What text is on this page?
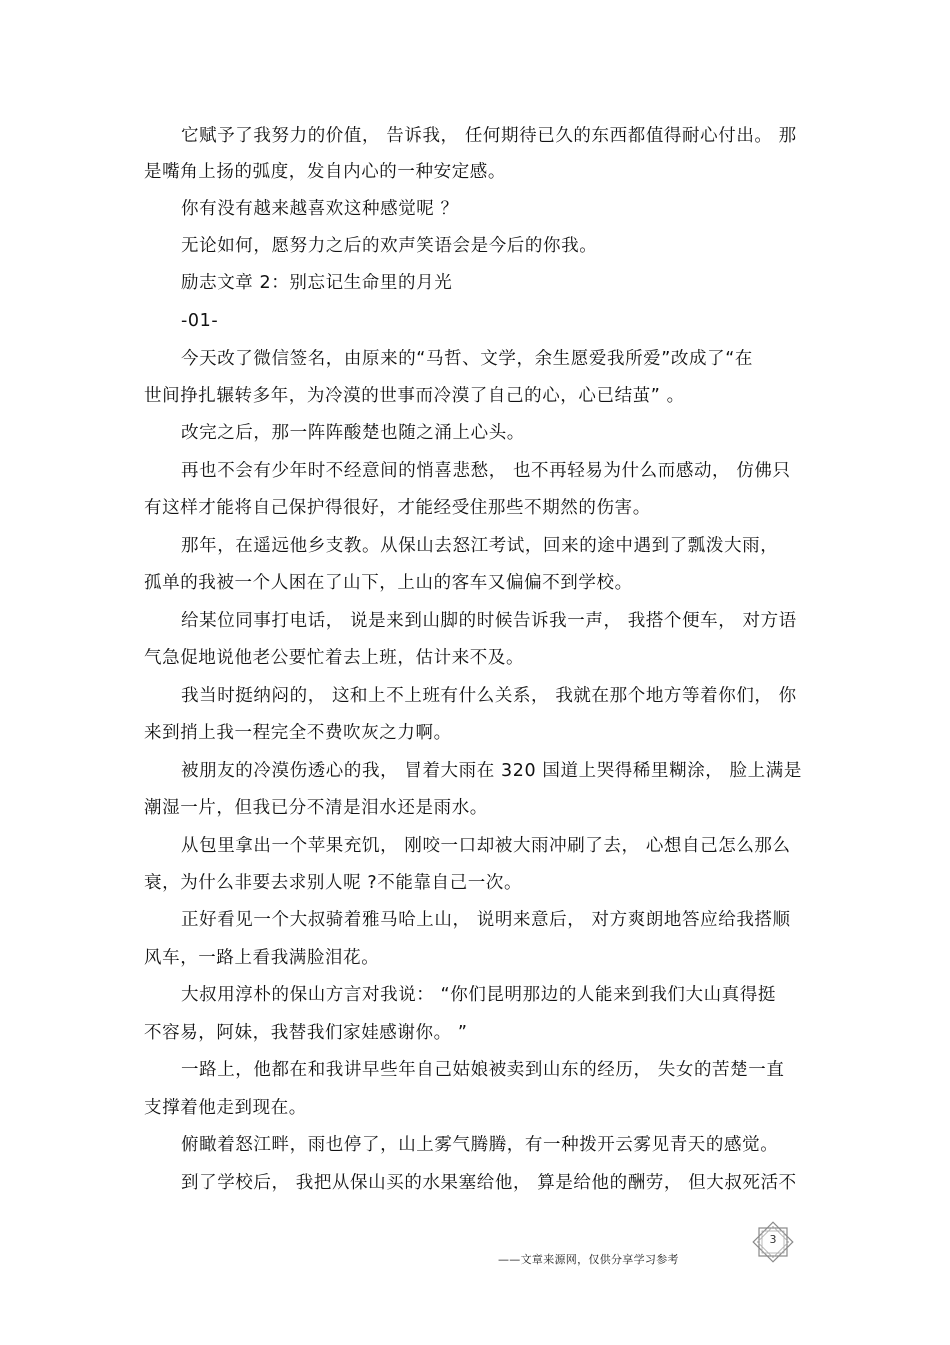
它赋予了我努力的价值， 告诉我， 任何期待已久的东西都值得耐心付出。 那
是嘴角上扬的弧度，发自内心的一种安定感。
你有没有越来越喜欢这种感觉呢 ？
无论如何，愿努力之后的欢声笑语会是今后的你我。
励志文章 2：别忘记生命里的月光
-01-
今天改了微信签名，由原来的“马哲、文学，余生愿爱我所爱”改成了“在
世间挣扎辗转多年，为冷漠的世事而冷漠了自己的心，心已结茧” 。
改完之后，那一阵阵酸楚也随之涌上心头。
再也不会有少年时不经意间的悄喜悲愁， 也不再轻易为什么而感动， 仿佛只
有这样才能将自己保护得很好，才能经受住那些不期然的伤害。
那年，在遥远他乡支教。从保山去怒江考试，回来的途中遇到了瓢泼大雨，
孤单的我被一个人困在了山下，上山的客车又偏偏不到学校。
给某位同事打电话， 说是来到山脚的时候告诉我一声， 我搭个便车， 对方语
气急促地说他老公要忙着去上班，估计来不及。
我当时挺纳闷的， 这和上不上班有什么关系， 我就在那个地方等着你们， 你
来到捎上我一程完全不费吹灰之力啊。
被朋友的冷漠伤透心的我， 冒着大雨在 320 国道上哭得稀里糊涂， 脸上满是
潮湿一片，但我已分不清是泪水还是雨水。
从包里拿出一个苹果充饥， 刚咬一口却被大雨冲刷了去， 心想自己怎么那么
衰，为什么非要去求别人呢 ?不能靠自己一次。
正好看见一个大叔骑着雅马哈上山， 说明来意后， 对方爽朗地答应给我搭顺
风车，一路上看我满脸泪花。
大叔用淳朴的保山方言对我说： “你们昆明那边的人能来到我们大山真得挺
不容易，阿妹，我替我们家娃感谢你。 ”
一路上，他都在和我讲早些年自己姑娘被卖到山东的经历， 失女的苦楚一直
支撑着他走到现在。
俯瞰着怒江畔，雨也停了，山上雾气腾腾，有一种拨开云雾见青天的感觉。
到了学校后， 我把从保山买的水果塞给他， 算是给他的酬劳， 但大叔死活不
——文章来源网，仅供分享学习参考
3
